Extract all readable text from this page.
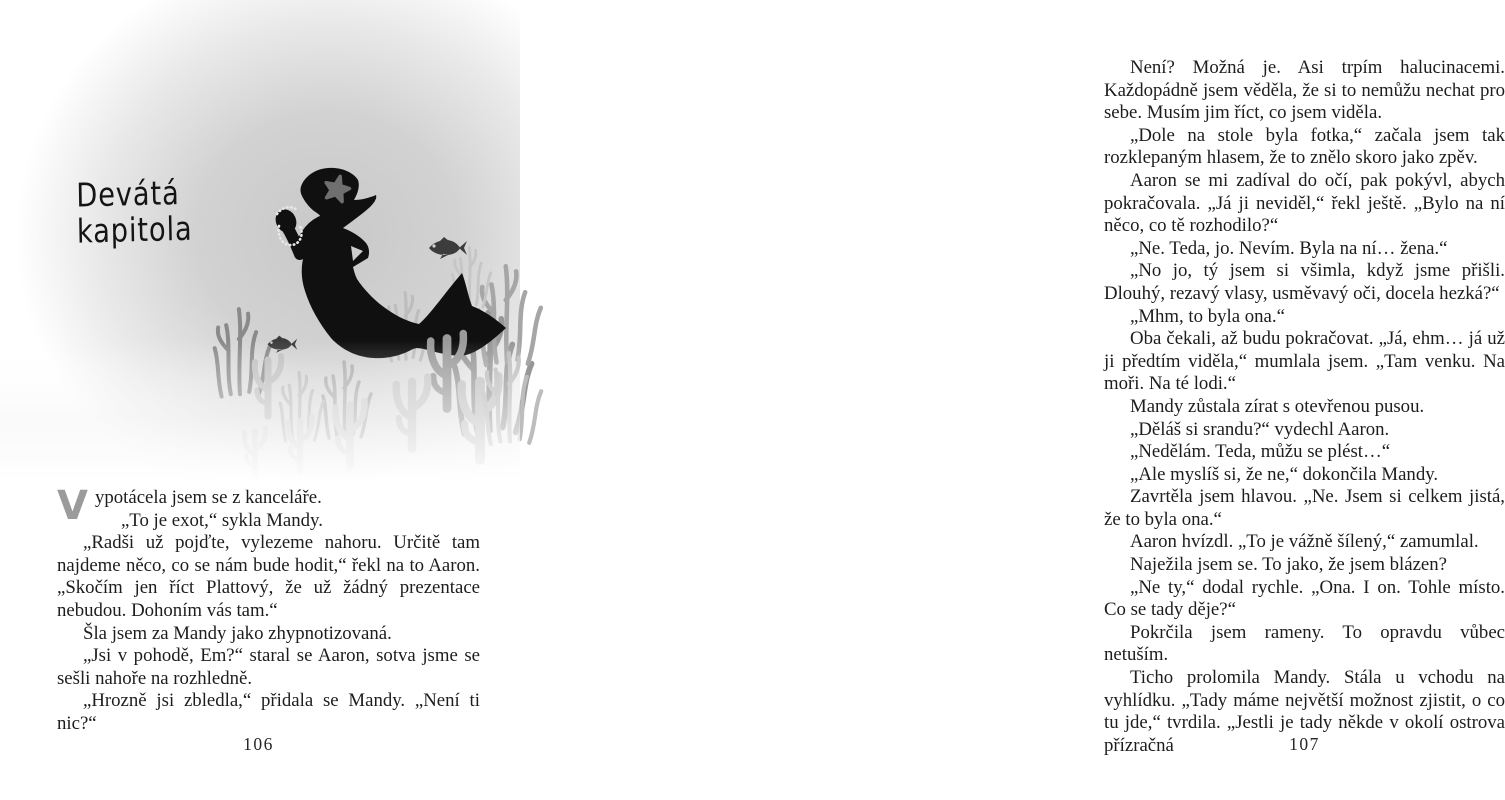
Devátá
kapitola

Vypotácela jsem se z kanceláře.

„To je exot,“ sykla Mandy.

„Radši už pojďte, vylezeme nahoru. Určitě tam najdeme něco, co se nám bude hodit,“ řekl na to Aaron. „Skočím jen říct Plattový, že už žádný prezentace nebudou. Dohoním vás tam.“

Šla jsem za Mandy jako zhypnotizovaná.

„Jsi v pohodě, Em?“ staral se Aaron, sotva jsme se sešli nahoře na rozhledně.

„Hrozně jsi zbledla,“ přidala se Mandy. „Není ti nic?“

106

Není? Možná je. Asi trpím halucinacemi. Každopádně jsem věděla, že si to nemůžu nechat pro sebe. Musím jim říct, co jsem viděla.

„Dole na stole byla fotka,“ začala jsem tak rozklepaným hlasem, že to znělo skoro jako zpěv.

Aaron se mi zadíval do očí, pak pokývl, abych pokračovala. „Já ji neviděl,“ řekl ještě. „Bylo na ní něco, co tě rozhodilo?“

„Ne. Teda, jo. Nevím. Byla na ní… žena.“

„No jo, tý jsem si všimla, když jsme přišli. Dlouhý, rezavý vlasy, usměvavý oči, docela hezká?“

„Mhm, to byla ona.“

Oba čekali, až budu pokračovat. „Já, ehm… já už ji předtím viděla,“ mumlala jsem. „Tam venku. Na moři. Na té lodi.“

Mandy zůstala zírat s otevřenou pusou.

„Děláš si srandu?“ vydechl Aaron.

„Nedělám. Teda, můžu se plést…“

„Ale myslíš si, že ne,“ dokončila Mandy.

Zavrtěla jsem hlavou. „Ne. Jsem si celkem jistá, že to byla ona.“

Aaron hvízdl. „To je vážně šílený,“ zamumlal.

Naježila jsem se. To jako, že jsem blázen?

„Ne ty,“ dodal rychle. „Ona. I on. Tohle místo. Co se tady děje?“

Pokrčila jsem rameny. To opravdu vůbec netuším.

Ticho prolomila Mandy. Stála u vchodu na vyhlídku. „Tady máme největší možnost zjistit, o co tu jde,“ tvrdila. „Jestli je tady někde v okolí ostrova přízračná	107
